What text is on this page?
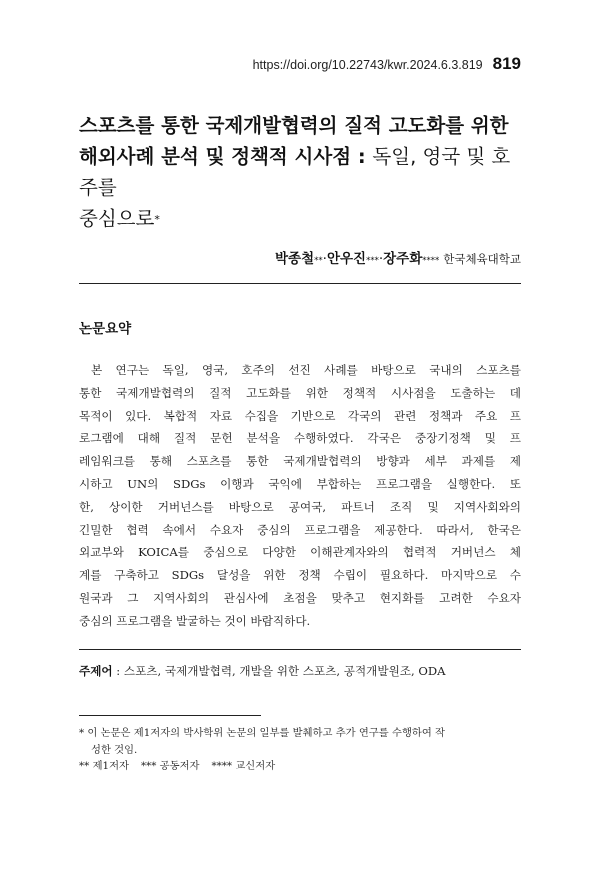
https://doi.org/10.22743/kwr.2024.6.3.819 819
스포츠를 통한 국제개발협력의 질적 고도화를 위한
해외사례 분석 및 정책적 시사점 : 독일, 영국 및 호주를
중심으로*
박종철**·안우진***·장주화**** 한국체육대학교
논문요약
본 연구는 독일, 영국, 호주의 선진 사례를 바탕으로 국내의 스포츠를
통한 국제개발협력의 질적 고도화를 위한 정책적 시사점을 도출하는 데
목적이 있다. 복합적 자료 수집을 기반으로 각국의 관련 정책과 주요 프
로그램에 대해 질적 문헌 분석을 수행하였다. 각국은 중장기정책 및 프
레임워크를 통해 스포츠를 통한 국제개발협력의 방향과 세부 과제를 제
시하고 UN의 SDGs 이행과 국익에 부합하는 프로그램을 실행한다. 또
한, 상이한 거버넌스를 바탕으로 공여국, 파트너 조직 및 지역사회와의
긴밀한 협력 속에서 수요자 중심의 프로그램을 제공한다. 따라서, 한국은
외교부와 KOICA를 중심으로 다양한 이해관계자와의 협력적 거버넌스 체
계를 구축하고 SDGs 달성을 위한 정책 수립이 필요하다. 마지막으로 수
원국과 그 지역사회의 관심사에 초점을 맞추고 현지화를 고려한 수요자
중심의 프로그램을 발굴하는 것이 바람직하다.
주제어 : 스포츠, 국제개발협력, 개발을 위한 스포츠, 공적개발원조, ODA
* 이 논문은 제1저자의 박사학위 논문의 일부를 발췌하고 추가 연구를 수행하여 작
성한 것임.
** 제1저자 *** 공동저자 **** 교신저자
